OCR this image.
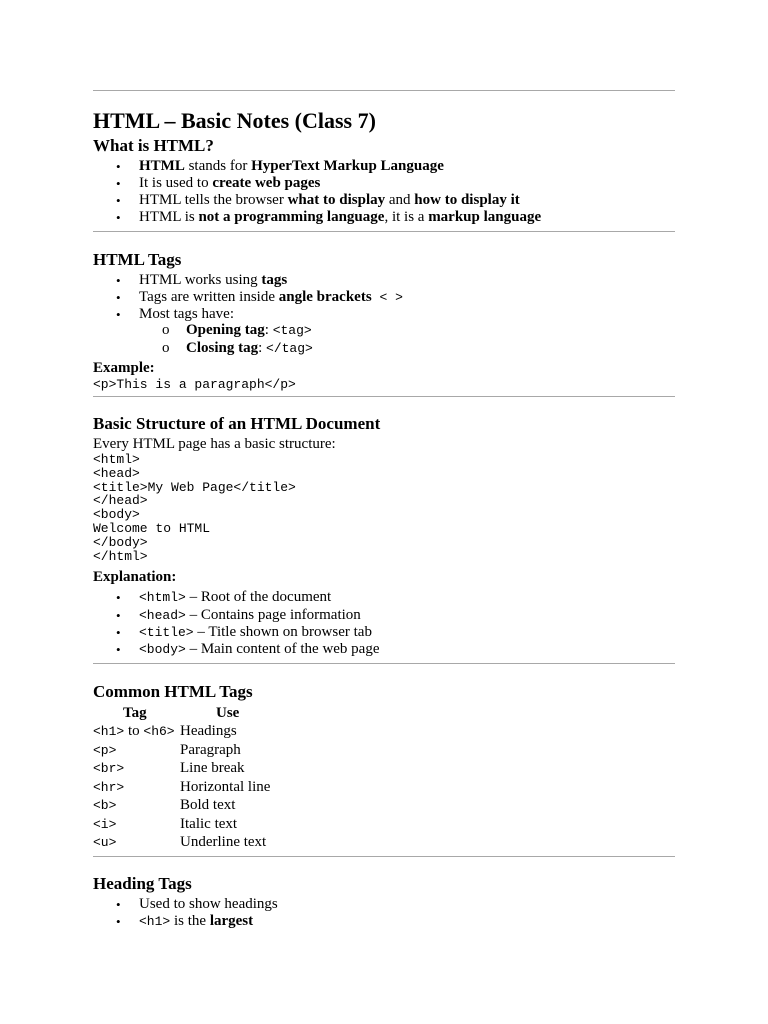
HTML – Basic Notes (Class 7)
What is HTML?
• HTML stands for HyperText Markup Language
• It is used to create web pages
• HTML tells the browser what to display and how to display it
• HTML is not a programming language, it is a markup language
HTML Tags
• HTML works using tags
• Tags are written inside angle brackets < >
• Most tags have:
o Opening tag: <tag>
o Closing tag: </tag>
Example:
<p>This is a paragraph</p>
Basic Structure of an HTML Document
Every HTML page has a basic structure:
<html>
<head>
<title>My Web Page</title>
</head>
<body>
Welcome to HTML
</body>
</html>
Explanation:
• <html> – Root of the document
• <head> – Contains page information
• <title> – Title shown on browser tab
• <body> – Main content of the web page
Common HTML Tags
Tag	Use
<h1> to <h6> Headings
<p>	Paragraph
<br>	Line break
<hr>	Horizontal line
<b>	Bold text
<i>	Italic text
<u>	Underline text
Heading Tags
• Used to show headings
• <h1> is the largest
